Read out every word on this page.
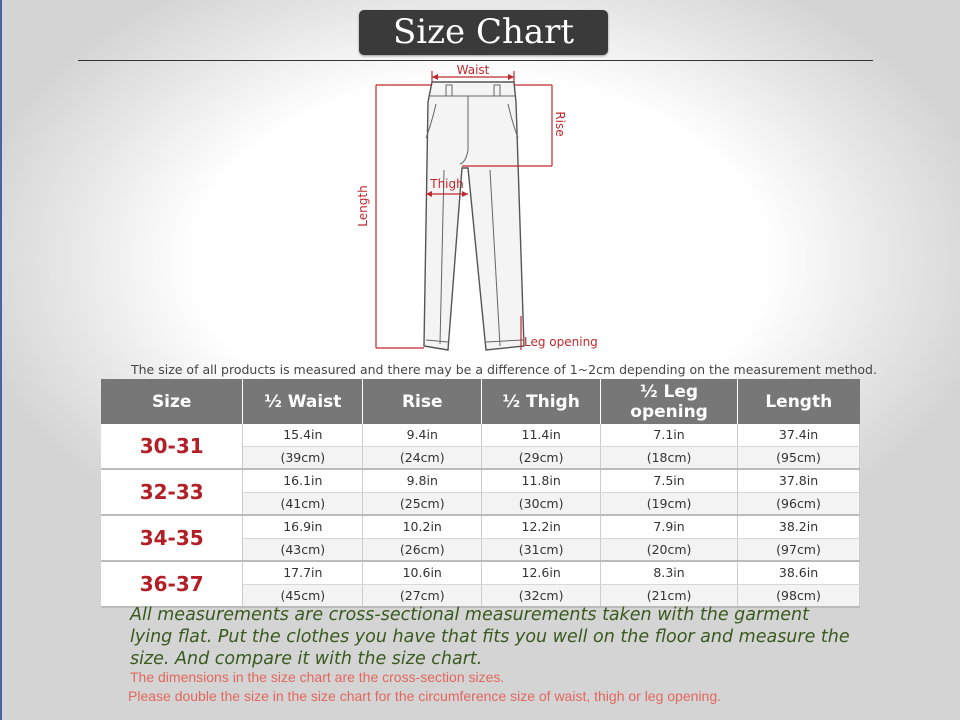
Size Chart
Waist
Rise
Thigh
Length
Leg opening
The size of all products is measured and there may be a difference of 1~2cm depending on the measurement method.
Size	½ Waist	Rise	½ Thigh	½ Leg opening	Length
30-31	15.4in	9.4in	11.4in	7.1in	37.4in
	(39cm)	(24cm)	(29cm)	(18cm)	(95cm)
32-33	16.1in	9.8in	11.8in	7.5in	37.8in
	(41cm)	(25cm)	(30cm)	(19cm)	(96cm)
34-35	16.9in	10.2in	12.2in	7.9in	38.2in
	(43cm)	(26cm)	(31cm)	(20cm)	(97cm)
36-37	17.7in	10.6in	12.6in	8.3in	38.6in
	(45cm)	(27cm)	(32cm)	(21cm)	(98cm)
All measurements are cross-sectional measurements taken with the garment lying flat. Put the clothes you have that fits you well on the floor and measure the size. And compare it with the size chart.
The dimensions in the size chart are the cross-section sizes.
Please double the size in the size chart for the circumference size of waist, thigh or leg opening.
